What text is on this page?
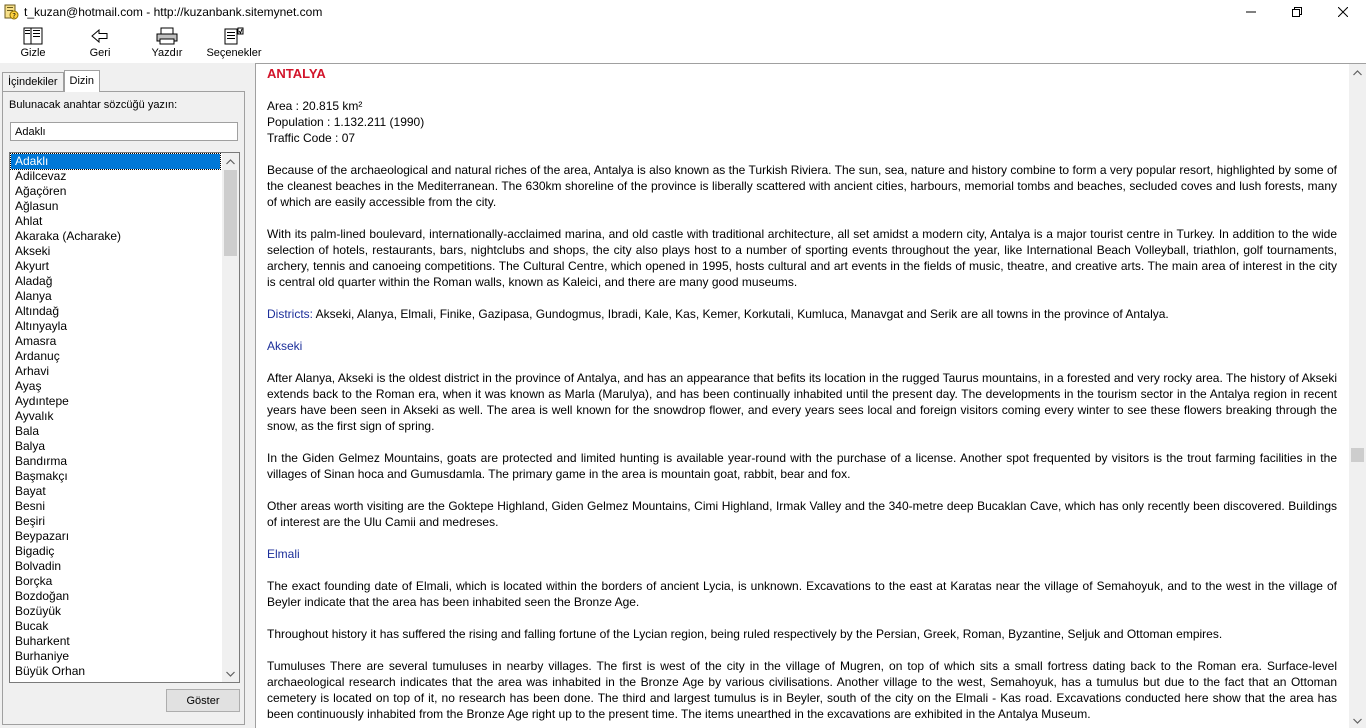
? t_kuzan@hotmail.com - http://kuzanbank.sitemynet.com
Gizle	Geri	Yazdır Seçenekler
İçindekiler	Dizin
Bulunacak anahtar sözcüğü yazın:
Adaklı
Adaklı
Adilcevaz
Ağaçören
Ağlasun
Ahlat
Akaraka (Acharake)
Akseki
Akyurt
Aladağ
Alanya
Altındağ
Altınyayla
Amasra
Ardanuç
Arhavi
Ayaş
Aydıntepe
Ayvalık
Bala
Balya
Bandırma
Başmakçı
Bayat
Besni
Beşiri
Beypazarı
Bigadiç
Bolvadin
Borçka
Bozdoğan
Bozüyük
Bucak
Buharkent
Burhaniye
Büyük Orhan
Göster
ANTALYA

Area : 20.815 km²

Population : 1.132.211 (1990)

Traffic Code : 07

Because of the archaeological and natural riches of the area, Antalya is also known as the Turkish Riviera. The sun, sea, nature and history combine to form a very popular resort, highlighted by some of the cleanest beaches in the Mediterranean. The 630km shoreline of the province is liberally scattered with ancient cities, harbours, memorial tombs and beaches, secluded coves and lush forests, many of which are easily accessible from the city.

With its palm-lined boulevard, internationally-acclaimed marina, and old castle with traditional architecture, all set amidst a modern city, Antalya is a major tourist centre in Turkey. In addition to the wide selection of hotels, restaurants, bars, nightclubs and shops, the city also plays host to a number of sporting events throughout the year, like International Beach Volleyball, triathlon, golf tournaments, archery, tennis and canoeing competitions. The Cultural Centre, which opened in 1995, hosts cultural and art events in the fields of music, theatre, and creative arts. The main area of interest in the city is central old quarter within the Roman walls, known as Kaleici, and there are many good museums.

Districts: Akseki, Alanya, Elmali, Finike, Gazipasa, Gundogmus, Ibradi, Kale, Kas, Kemer, Korkutali, Kumluca, Manavgat and Serik are all towns in the province of Antalya.

Akseki

After Alanya, Akseki is the oldest district in the province of Antalya, and has an appearance that befits its location in the rugged Taurus mountains, in a forested and very rocky area. The history of Akseki extends back to the Roman era, when it was known as Marla (Marulya), and has been continually inhabited until the present day. The developments in the tourism sector in the Antalya region in recent years have been seen in Akseki as well. The area is well known for the snowdrop flower, and every years sees local and foreign visitors coming every winter to see these flowers breaking through the snow, as the first sign of spring.

In the Giden Gelmez Mountains, goats are protected and limited hunting is available year-round with the purchase of a license. Another spot frequented by visitors is the trout farming facilities in the villages of Sinan hoca and Gumusdamla. The primary game in the area is mountain goat, rabbit, bear and fox.

Other areas worth visiting are the Goktepe Highland, Giden Gelmez Mountains, Cimi Highland, Irmak Valley and the 340-metre deep Bucaklan Cave, which has only recently been discovered. Buildings of interest are the Ulu Camii and medreses.

Elmali

The exact founding date of Elmali, which is located within the borders of ancient Lycia, is unknown. Excavations to the east at Karatas near the village of Semahoyuk, and to the west in the village of Beyler indicate that the area has been inhabited seen the Bronze Age.

Throughout history it has suffered the rising and falling fortune of the Lycian region, being ruled respectively by the Persian, Greek, Roman, Byzantine, Seljuk and Ottoman empires.

Tumuluses There are several tumuluses in nearby villages. The first is west of the city in the village of Mugren, on top of which sits a small fortress dating back to the Roman era. Surface-level archaeological research indicates that the area was inhabited in the Bronze Age by various civilisations. Another village to the west, Semahoyuk, has a tumulus but due to the fact that an Ottoman cemetery is located on top of it, no research has been done. The third and largest tumulus is in Beyler, south of the city on the Elmali - Kas road. Excavations conducted here show that the area has been continuously inhabited from the Bronze Age right up to the present time. The items unearthed in the excavations are exhibited in the Antalya Museum.
